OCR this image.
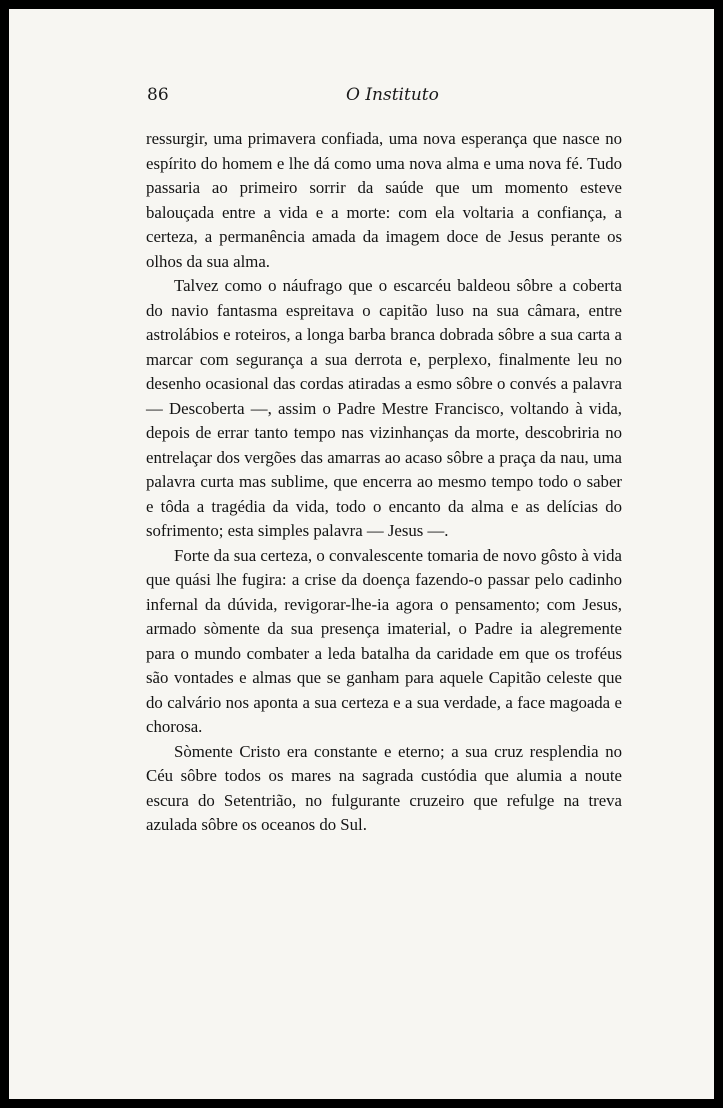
86	O Instituto

ressurgir, uma primavera confiada, uma nova esperança que nasce no espírito do homem e lhe dá como uma nova alma e uma nova fé. Tudo passaria ao primeiro sorrir da saúde que um momento esteve balouçada entre a vida e a morte: com ela voltaria a confiança, a certeza, a permanência amada da imagem doce de Jesus perante os olhos da sua alma.

Talvez como o náufrago que o escarcéu baldeou sôbre a coberta do navio fantasma espreitava o capitão luso na sua câmara, entre astrolábios e roteiros, a longa barba branca dobrada sôbre a sua carta a marcar com segurança a sua derrota e, perplexo, finalmente leu no desenho ocasional das cordas atiradas a esmo sôbre o convés a palavra — Descoberta —, assim o Padre Mestre Francisco, voltando à vida, depois de errar tanto tempo nas vizinhanças da morte, descobriria no entrelaçar dos vergões das amarras ao acaso sôbre a praça da nau, uma palavra curta mas sublime, que encerra ao mesmo tempo todo o saber e tôda a tragédia da vida, todo o encanto da alma e as delícias do sofrimento; esta simples palavra — Jesus —.

Forte da sua certeza, o convalescente tomaria de novo gôsto à vida que quási lhe fugira: a crise da doença fazendo-o passar pelo cadinho infernal da dúvida, revigorar-lhe-ia agora o pensamento; com Jesus, armado sòmente da sua presença imaterial, o Padre ia alegremente para o mundo combater a leda batalha da caridade em que os troféus são vontades e almas que se ganham para aquele Capitão celeste que do calvário nos aponta a sua certeza e a sua verdade, a face magoada e chorosa.

Sòmente Cristo era constante e eterno; a sua cruz resplendia no Céu sôbre todos os mares na sagrada custódia que alumia a noute escura do Setentrião, no fulgurante cruzeiro que refulge na treva azulada sôbre os oceanos do Sul.
